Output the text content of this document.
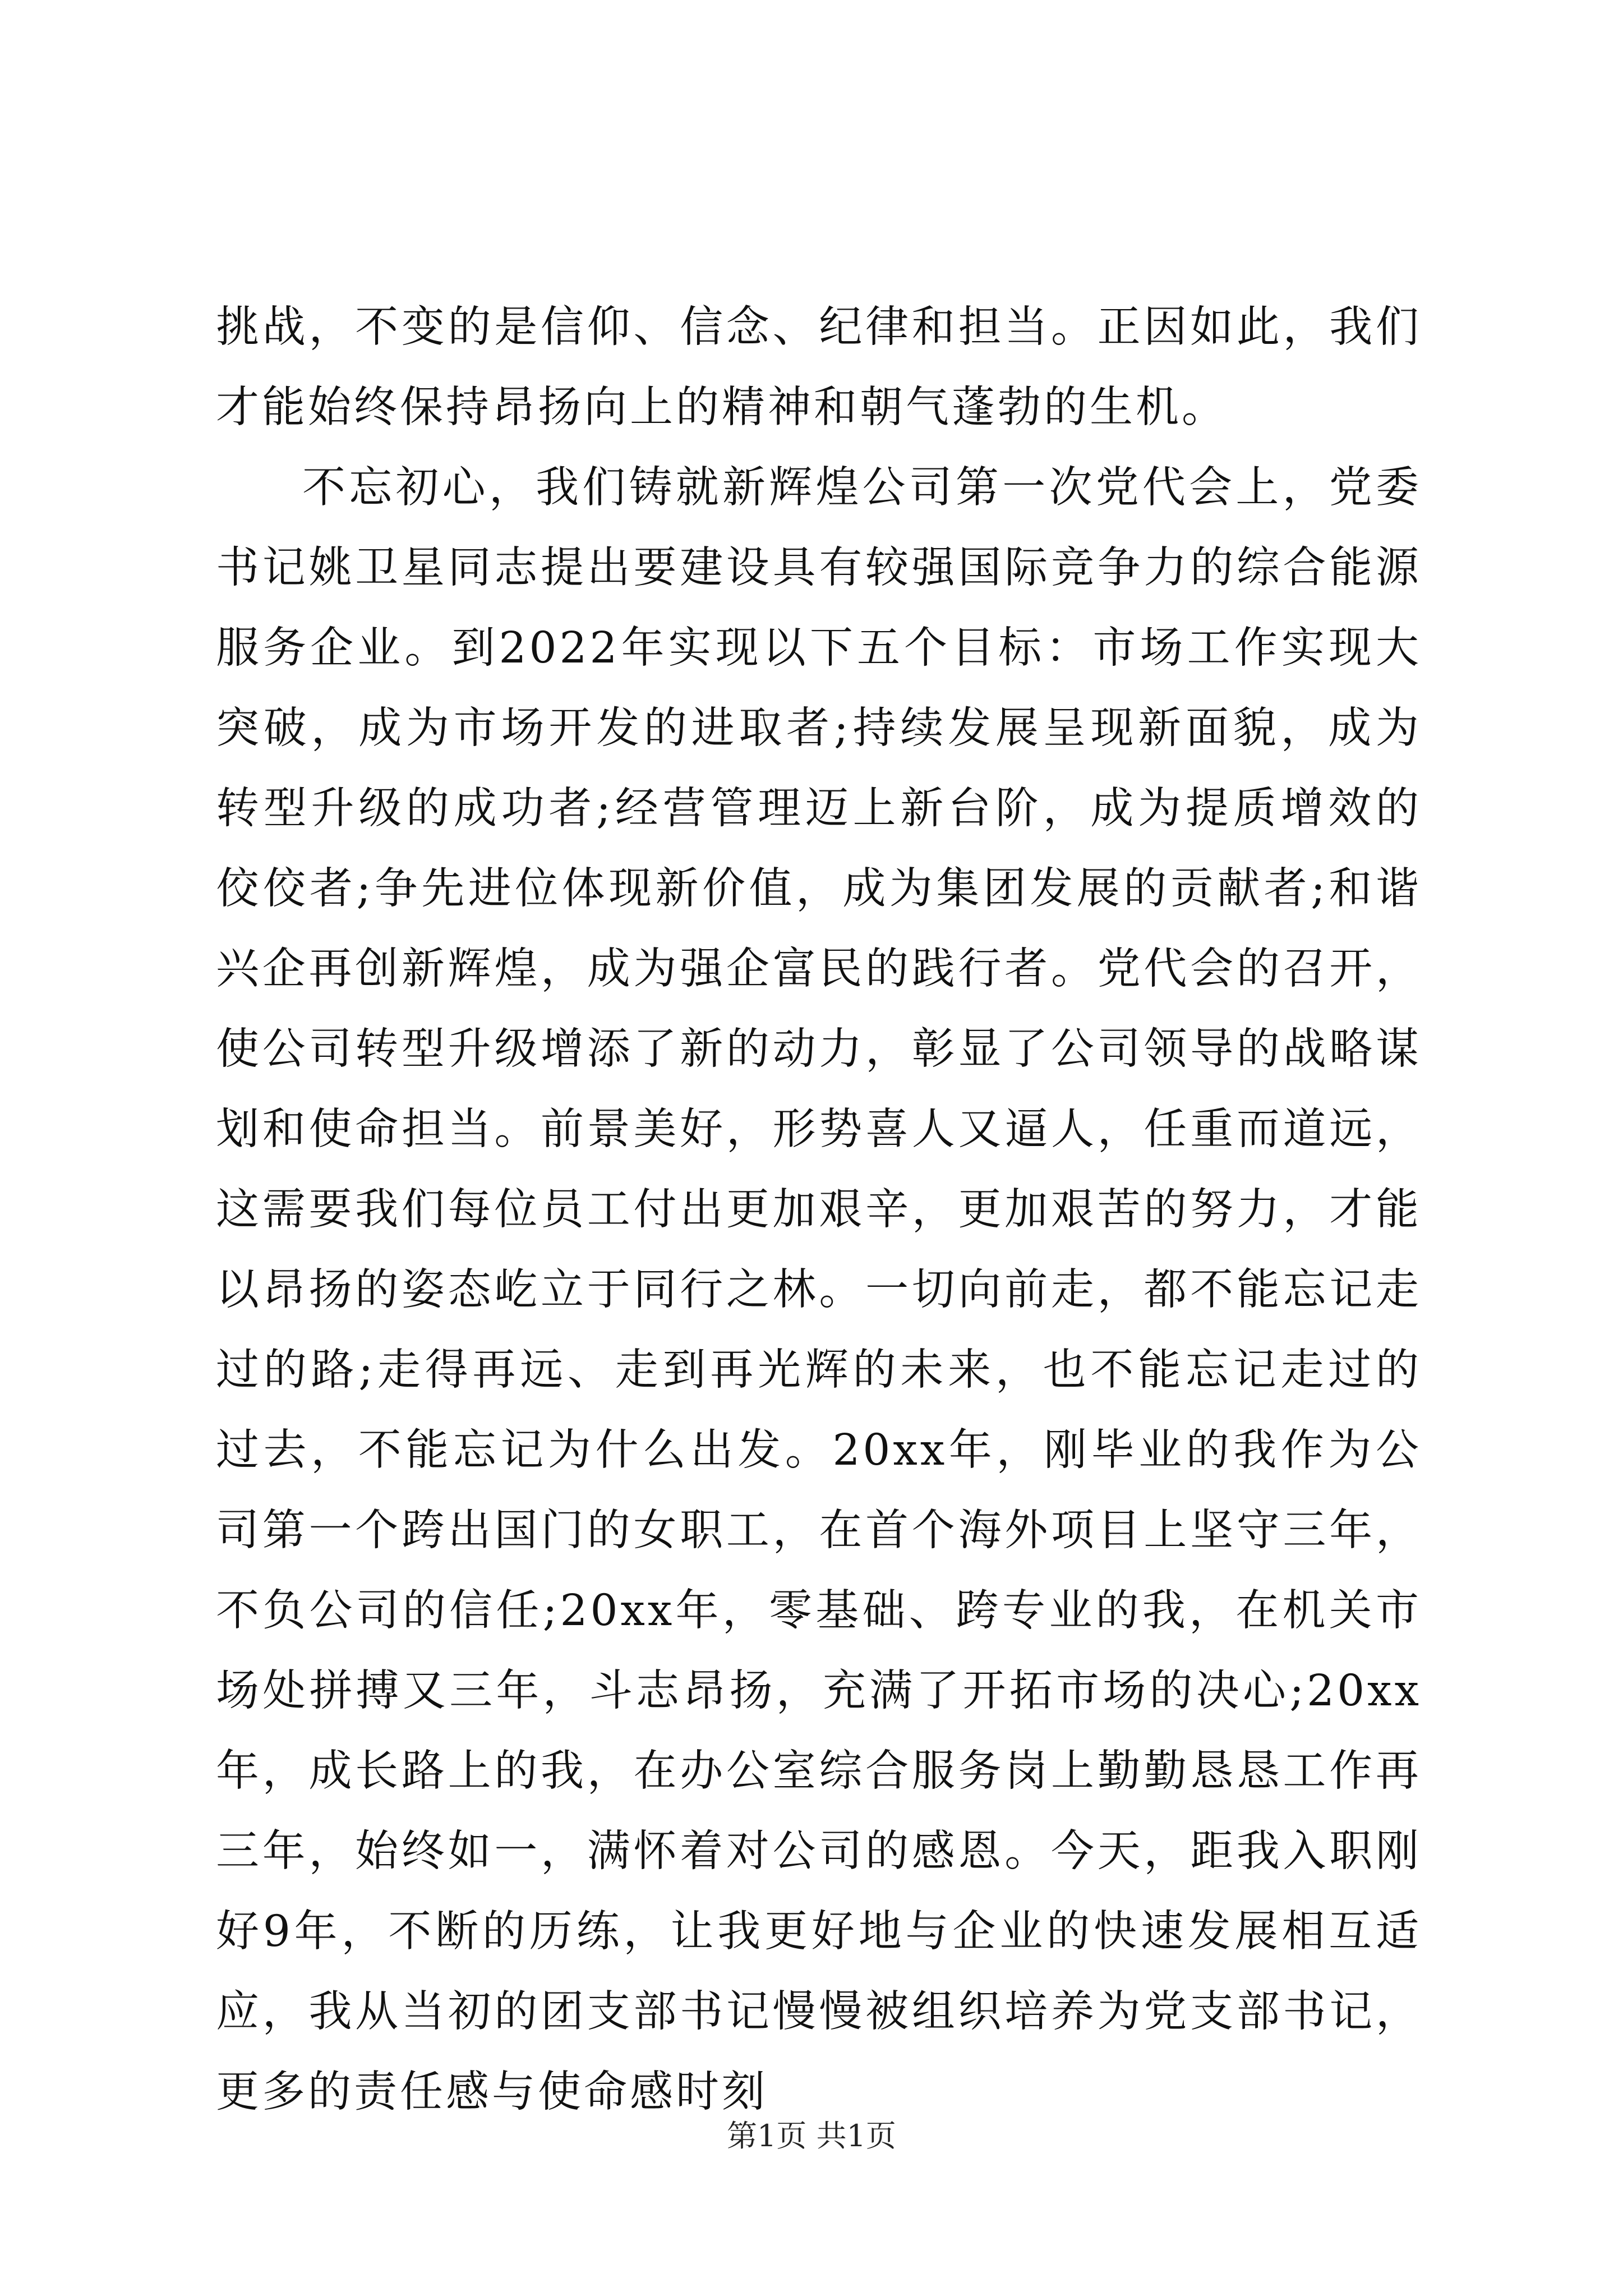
挑战，不变的是信仰、信念、纪律和担当。正因如此，我们才能始终保持昂扬向上的精神和朝气蓬勃的生机。

不忘初心，我们铸就新辉煌公司第一次党代会上，党委书记姚卫星同志提出要建设具有较强国际竞争力的综合能源服务企业。到2022年实现以下五个目标：市场工作实现大突破，成为市场开发的进取者;持续发展呈现新面貌，成为转型升级的成功者;经营管理迈上新台阶，成为提质增效的佼佼者;争先进位体现新价值，成为集团发展的贡献者;和谐兴企再创新辉煌，成为强企富民的践行者。党代会的召开，使公司转型升级增添了新的动力，彰显了公司领导的战略谋划和使命担当。前景美好，形势喜人又逼人，任重而道远，这需要我们每位员工付出更加艰辛，更加艰苦的努力，才能以昂扬的姿态屹立于同行之林。一切向前走，都不能忘记走过的路;走得再远、走到再光辉的未来，也不能忘记走过的过去，不能忘记为什么出发。20xx年，刚毕业的我作为公司第一个跨出国门的女职工，在首个海外项目上坚守三年，不负公司的信任;20xx年，零基础、跨专业的我，在机关市场处拼搏又三年，斗志昂扬，充满了开拓市场的决心;20xx年，成长路上的我，在办公室综合服务岗上勤勤恳恳工作再三年，始终如一，满怀着对公司的感恩。今天，距我入职刚好9年，不断的历练，让我更好地与企业的快速发展相互适应，我从当初的团支部书记慢慢被组织培养为党支部书记，更多的责任感与使命感时刻

第1页 共1页
